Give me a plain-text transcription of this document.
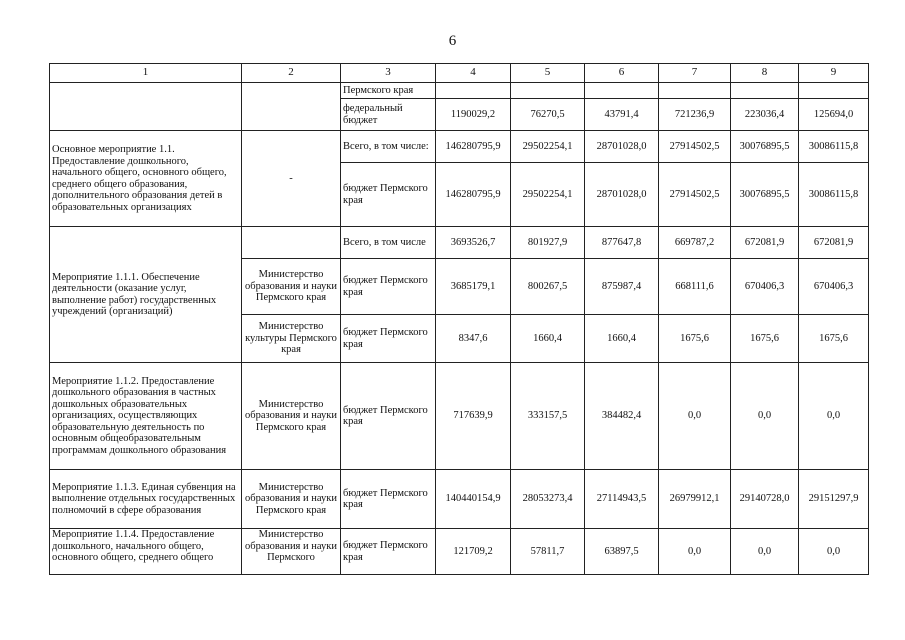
6
1	2	3	4	5	6	7	8	9
		Пермского края						
		федеральный бюджет	1190029,2	76270,5	43791,4	721236,9	223036,4	125694,0
Основное мероприятие 1.1. Предоставление дошкольного, начального общего, основного общего, среднего общего образования, дополнительного образования детей в образовательных организациях	-	Всего, в том числе:	146280795,9	29502254,1	28701028,0	27914502,5	30076895,5	30086115,8
		бюджет Пермского края	146280795,9	29502254,1	28701028,0	27914502,5	30076895,5	30086115,8
Мероприятие 1.1.1. Обеспечение деятельности (оказание услуг, выполнение работ) государственных учреждений (организаций)		Всего, в том числе	3693526,7	801927,9	877647,8	669787,2	672081,9	672081,9
	Министерство образования и науки Пермского края	бюджет Пермского края	3685179,1	800267,5	875987,4	668111,6	670406,3	670406,3
	Министерство культуры Пермского края	бюджет Пермского края	8347,6	1660,4	1660,4	1675,6	1675,6	1675,6
Мероприятие 1.1.2. Предоставление дошкольного образования в частных дошкольных образовательных организациях, осуществляющих образовательную деятельность по основным общеобразовательным программам дошкольного образования	Министерство образования и науки Пермского края	бюджет Пермского края	717639,9	333157,5	384482,4	0,0	0,0	0,0
Мероприятие 1.1.3. Единая субвенция на выполнение отдельных государственных полномочий в сфере образования	Министерство образования и науки Пермского края	бюджет Пермского края	140440154,9	28053273,4	27114943,5	26979912,1	29140728,0	29151297,9
Мероприятие 1.1.4. Предоставление дошкольного, начального общего, основного общего, среднего общего	Министерство образования и науки Пермского	бюджет Пермского края	121709,2	57811,7	63897,5	0,0	0,0	0,0
